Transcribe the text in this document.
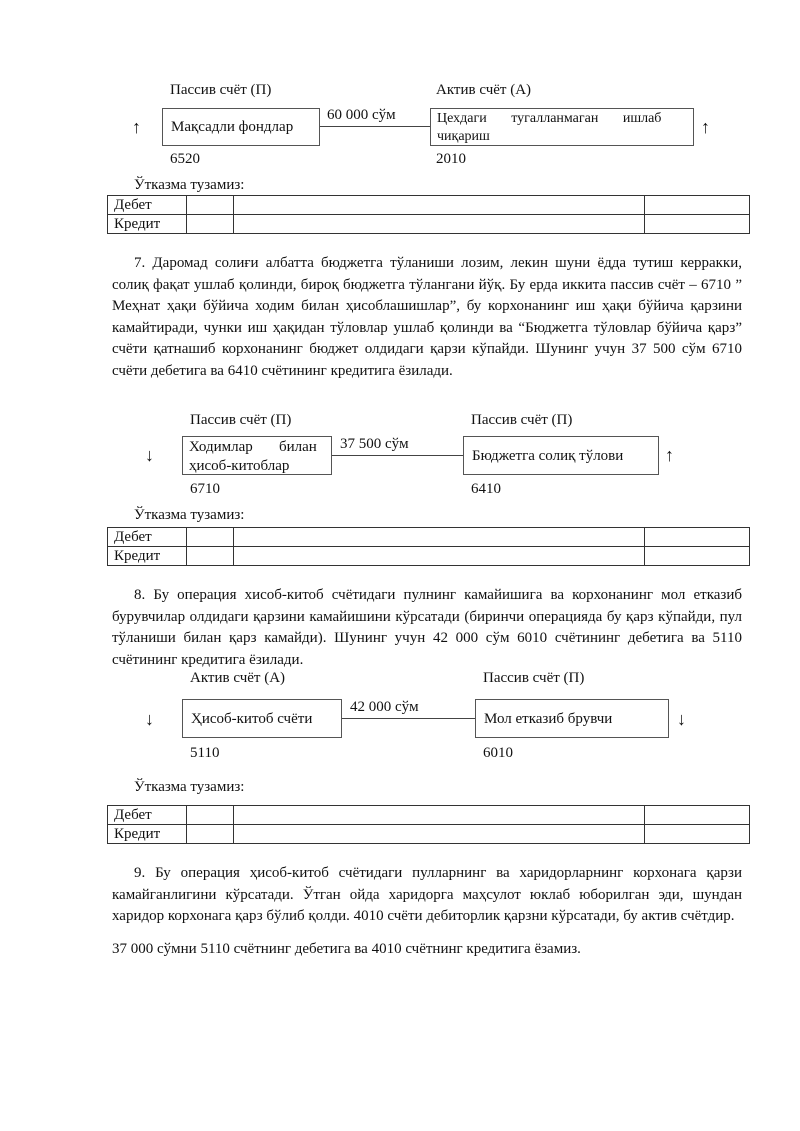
Пассив счёт (П)	Актив счёт (А)
↑ Мақсадли фондлар
60 000 сўм	Цехдаги       тугалланмаган       ишлаб
чиқариш	↑
6520	2010
Ўтказма тузамиз:
Дебет			
Кредит			
7. Даромад солиғи албатта бюджетга тўланиши лозим, лекин шуни ёдда тутиш керракки, солиқ фақат ушлаб қолинди, бироқ бюджетга тўлангани йўқ. Бу ерда иккита пассив счёт – 6710 ” Меҳнат ҳақи бўйича ходим билан ҳисоблашишлар”, бу корхонанинг иш ҳақи бўйича қарзини камайтиради, чунки иш ҳақидан тўловлар ушлаб қолинди ва “Бюджетга тўловлар бўйича қарз” счёти қатнашиб корхонанинг бюджет олдидаги қарзи кўпайди. Шунинг учун 37 500 сўм 6710 счёти дебетига ва 6410 счётининг кредитига ёзилади.
Пассив счёт (П)	Пассив счёт (П)
↓ Ходимлар       билан
ҳисоб-китоблар
37 500 сўм
Бюджетга солиқ тўлови ↑
6710	6410
Ўтказма тузамиз:
Дебет			
Кредит			
8. Бу операция хисоб-китоб счётидаги пулнинг камайишига ва корхонанинг мол етказиб бурувчилар олдидаги қарзини камайишини кўрсатади (биринчи операцияда бу қарз кўпайди, пул тўланиши билан қарз камайди). Шунинг учун 42 000 сўм 6010 счётининг дебетига ва 5110 счётининг кредитига ёзилади.
Актив счёт (А)	Пассив счёт (П)
↓ Ҳисоб-китоб счёти
42 000 сўм
Мол етказиб брувчи	↓
5110	6010
Ўтказма тузамиз:
Дебет			
Кредит			
9. Бу операция ҳисоб-китоб счётидаги пулларнинг ва харидорларнинг корхонага қарзи камайганлигини кўрсатади. Ўтган ойда харидорга маҳсулот юклаб юборилган эди, шундан харидор корхонага қарз бўлиб қолди. 4010 счёти дебиторлик қарзни кўрсатади, бу актив счётдир.
37 000 сўмни 5110 счётнинг дебетига ва 4010 счётнинг кредитига ёзамиз.
